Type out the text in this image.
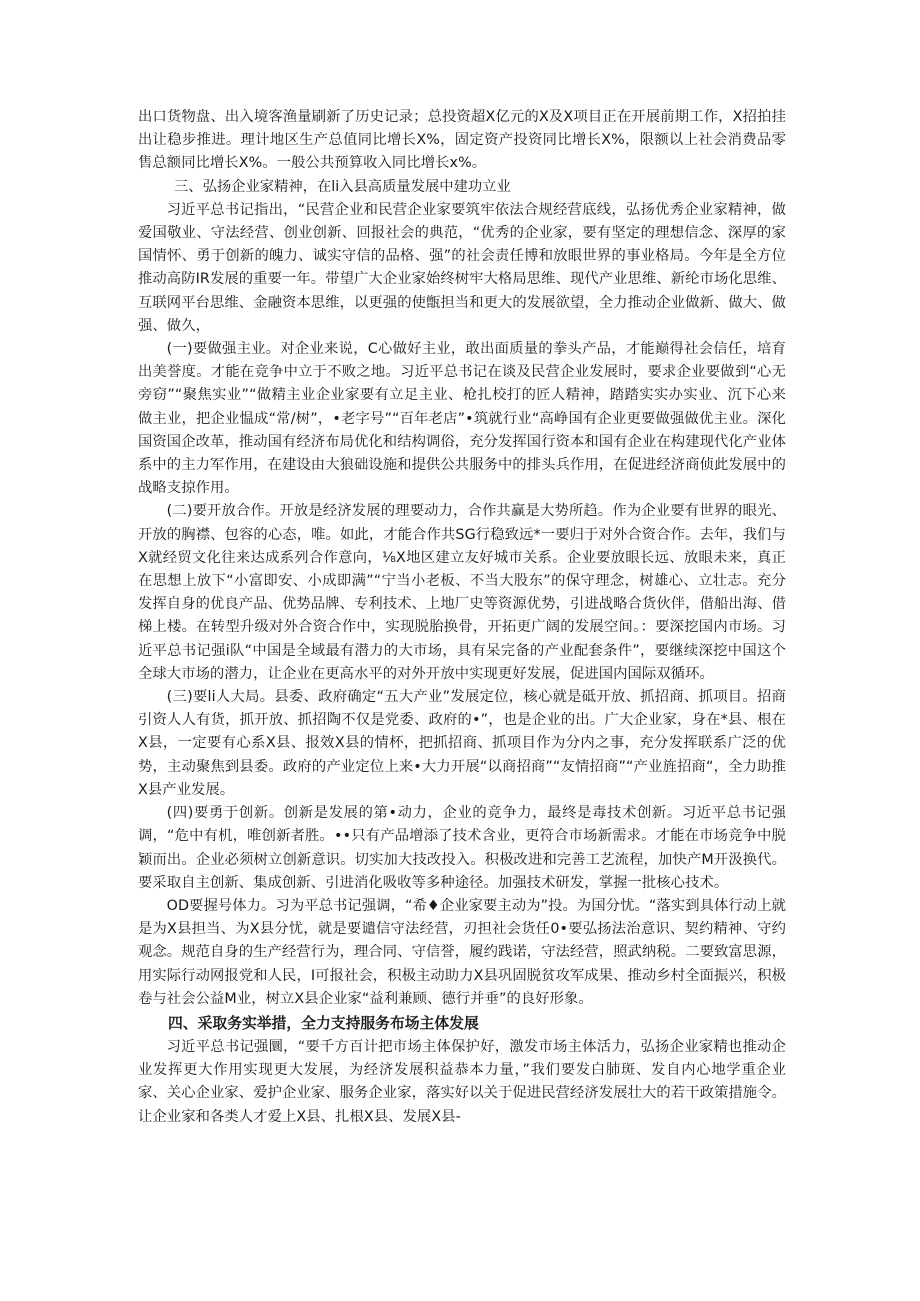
出口货物盘、出入境客渔量刷新了历史记录；总投资超X亿元的X及X项目正在开展前期工作，X招拍挂出让稳步推进。理计地区生产总值同比增长X%，固定资产投资同比增长X%，限额以上社会消费品零售总额同比增长X%。一般公共预算收入同比增长x%。

三、弘扬企业家精神，在li入县高质量发展中建功立业

习近平总书记指出，“民营企业和民营企业家要筑牢依法合规经营底线，弘扬优秀企业家精神，做爱国敬业、守法经营、创业创新、回报社会的典范，“优秀的企业家，要有坚定的理想信念、深厚的家国情怀、勇于创新的魄力、诚实守信的品格、强”的社会责任博和放眼世界的事业格局。今年是全方位推动高防IR发展的重要一年。带望广大企业家始终树牢大格局思维、现代产业思维、新纶市场化思维、互联网平台思维、金融资本思维，以更强的使甑担当和更大的发展欲望，全力推动企业做新、做大、做强、做久，

(一)要做强主业。对企业来说，C心做好主业，敢出面质量的拳头产品，才能巅得社会信任，培育出美誉度。才能在竞争中立于不败之地。习近平总书记在谈及民营企业发展时，要求企业要做到“心无旁窃”“聚焦实业”“做精主业企业家要有立足主业、枪扎校打的匠人精神，踏踏实实办实业、沉下心来做主业，把企业愠成“常/树”，•老字号”“百年老店”•筑就行业“高峥国有企业更要做强做优主业。深化国资国企改革，推动国有经济布局优化和结构调俗，充分发挥国行资本和国有企业在构建现代化产业体系中的主力军作用，在建设由大狼础设施和提供公共服务中的排头兵作用，在促进经济商侦此发展中的战略支掠作用。

(二)要开放合作。开放是经济发展的理要动力，合作共赢是大势所趋。作为企业要有世界的眼光、开放的胸襟、包容的心态，唯。如此，才能合作共SG行稳致远*一要归于对外合资合作。去年，我们与X就经贸文化往来达成系列合作意向，⅛X地区建立友好城市关系。企业要放眼长远、放眼未来，真正在思想上放下“小富即安、小成即满”“宁当小老板、不当大股东”的保守理念，树雄心、立壮志。充分发挥自身的优良产品、优势品牌、专利技术、上地厂史等资源优势，引进战略合货伙伴，借船出海、借梯上楼。在转型升级对外合资合作中，实现脱胎换骨，开拓更广阔的发展空间。：要深挖国内市场。习近平总书记强i队“中国是全域最有潜力的大市场，具有呆完备的产业配套条件”，要继续深挖中国这个全球大市场的潜力，让企业在更高水平的对外开放中实现更好发展，促进国内国际双循环。

(三)要li人大局。县委、政府确定“五大产业”发展定位，核心就是砥开放、抓招商、抓项目。招商引资人人有货，抓开放、抓招陶不仅是党委、政府的•”，也是企业的出。广大企业家，身在*县、根在X县，一定要有心系X县、报效X县的情杯，把抓招商、抓项目作为分内之事，充分发挥联系广泛的优势，主动聚焦到县委。政府的产业定位上来•大力开展“以商招商”“友情招商”“产业旌招商“，全力助推X县产业发展。

(四)要勇于创新。创新是发展的第•动力，企业的竞争力，最终是毒技术创新。习近平总书记强调，“危中有机，唯创新者胜。••只有产品增添了技术含业，更符合市场新需求。才能在市场竞争中脱颖而出。企业必须树立创新意识。切实加大技改投入。积极改进和完善工艺流程，加快产M开汲换代。要采取自主创新、集成创新、引进消化吸收等多种途径。加强技术研发，掌握一批核心技术。

OD要握号体力。习为平总书记强调，“希♦企业家要主动为”投。为国分忧。“落实到具体行动上就是为X县担当、为X县分忧，就是要谴信守法经营，刃担社会货任0•要弘扬法治意识、契约精神、守约观念。规范自身的生产经营行为，理合同、守信誉，履约践诺，守法经营，照武纳税。二要致富思源，用实际行动网报党和人民，I可报社会，积极主动助力X县巩固脱贫攻军成果、推动乡村全面振兴，积极卷与社会公益M业，树立X县企业家“益利兼顾、德行并垂”的良好形象。

四、采取务实举措，全力支持服务布场主体发展

习近平总书记强圜，“要千方百计把市场主体保护好，激发市场主体活力，弘扬企业家精也推动企业发挥更大作用实现更大发展，为经济发展积益恭本力量，”我们要发白肺斑、发自内心地学重企业家、关心企业家、爱护企业家、服务企业家，落实好以关于促进民营经济发展壮大的若干政策措施令。让企业家和各类人才爱上X县、扎根X县、发展X县-
